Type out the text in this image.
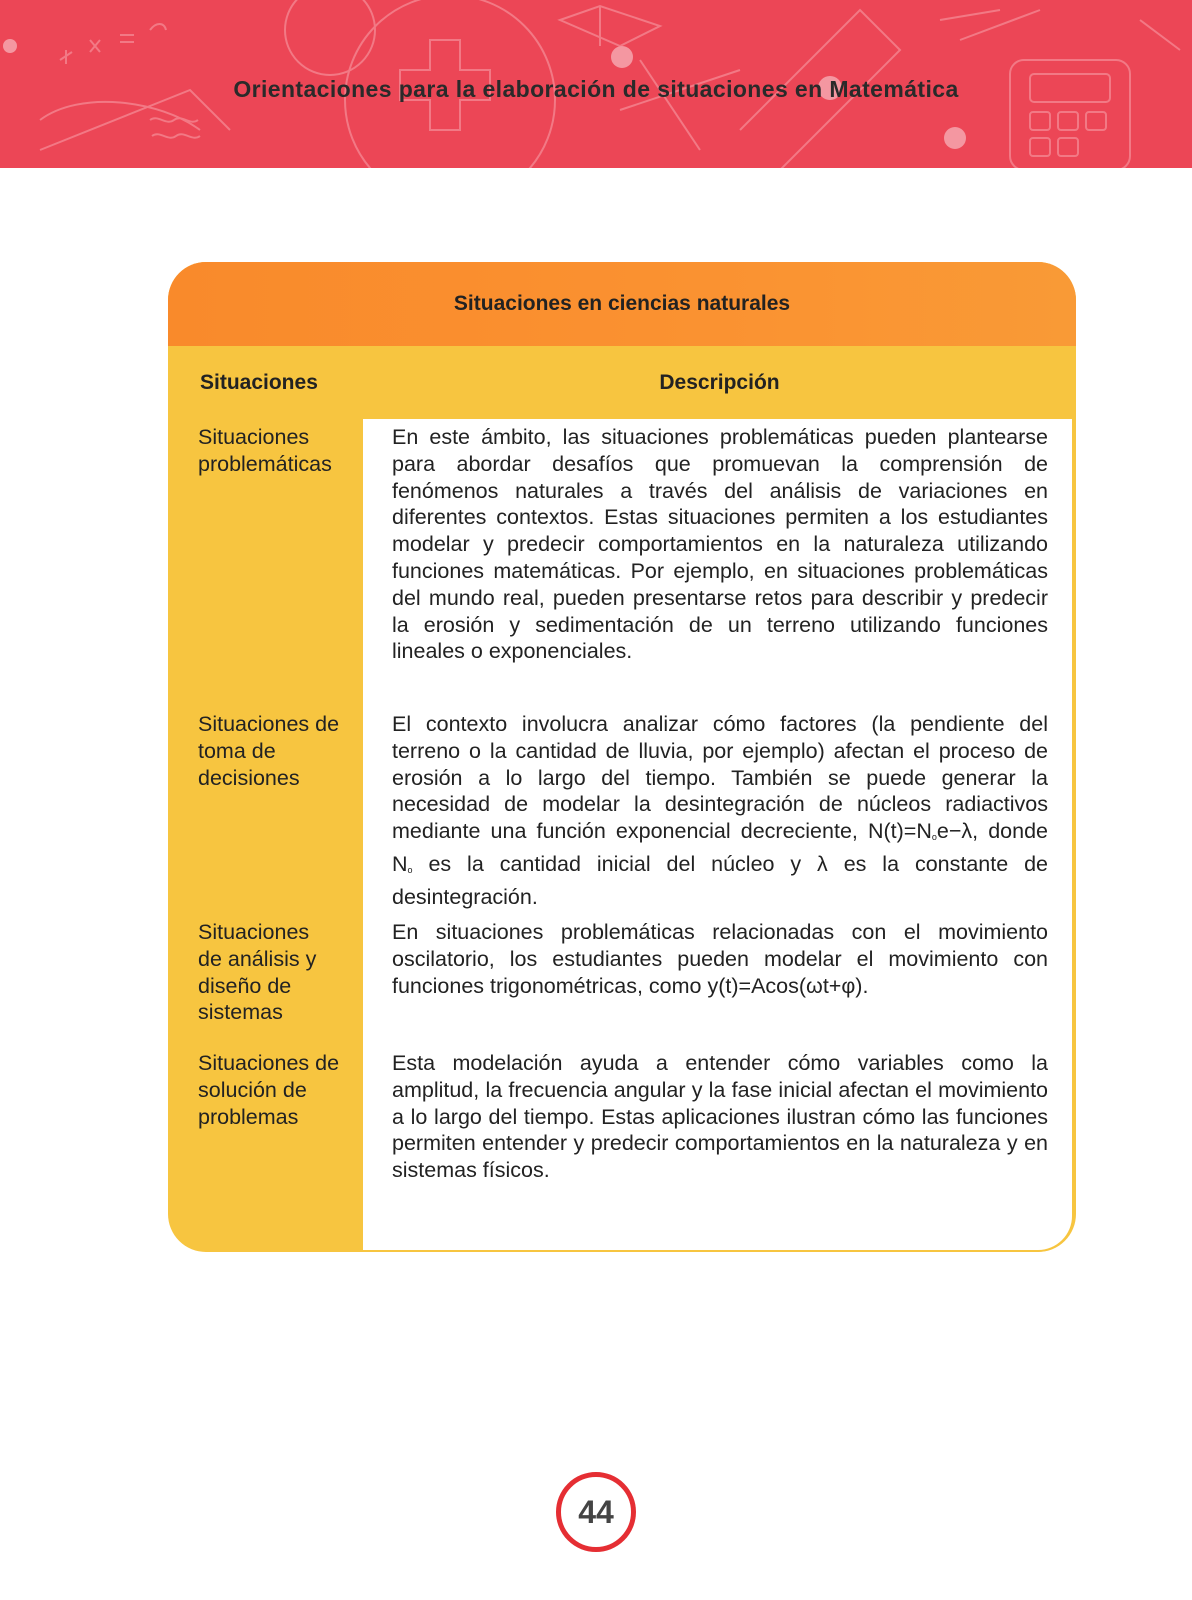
Orientaciones para la elaboración de situaciones en Matemática
Situaciones en ciencias naturales
Situaciones	Descripción
Situaciones problemáticas
En este ámbito, las situaciones problemáticas pueden plantearse para abordar desafíos que promuevan la comprensión de fenómenos naturales a través del análisis de variaciones en diferentes contextos. Estas situaciones permiten a los estudiantes modelar y predecir comportamientos en la naturaleza utilizando funciones matemáticas. Por ejemplo, en situaciones problemáticas del mundo real, pueden presentarse retos para describir y predecir la erosión y sedimentación de un terreno utilizando funciones lineales o exponenciales.
Situaciones de toma de decisiones
El contexto involucra analizar cómo factores (la pendiente del terreno o la cantidad de lluvia, por ejemplo) afectan el proceso de erosión a lo largo del tiempo. También se puede generar la necesidad de modelar la desintegración de núcleos radiactivos mediante una función exponencial decreciente, $N(t)=N_oe-\lambda$, donde $N_o$ es la cantidad inicial del núcleo y λ es la constante de desintegración.
Situaciones de análisis y diseño de sistemas
En situaciones problemáticas relacionadas con el movimiento oscilatorio, los estudiantes pueden modelar el movimiento con funciones trigonométricas, como y(t)=Acos(ωt+φ).
Situaciones de solución de problemas
Esta modelación ayuda a entender cómo variables como la amplitud, la frecuencia angular y la fase inicial afectan el movimiento a lo largo del tiempo. Estas aplicaciones ilustran cómo las funciones permiten entender y predecir comportamientos en la naturaleza y en sistemas físicos.
44
